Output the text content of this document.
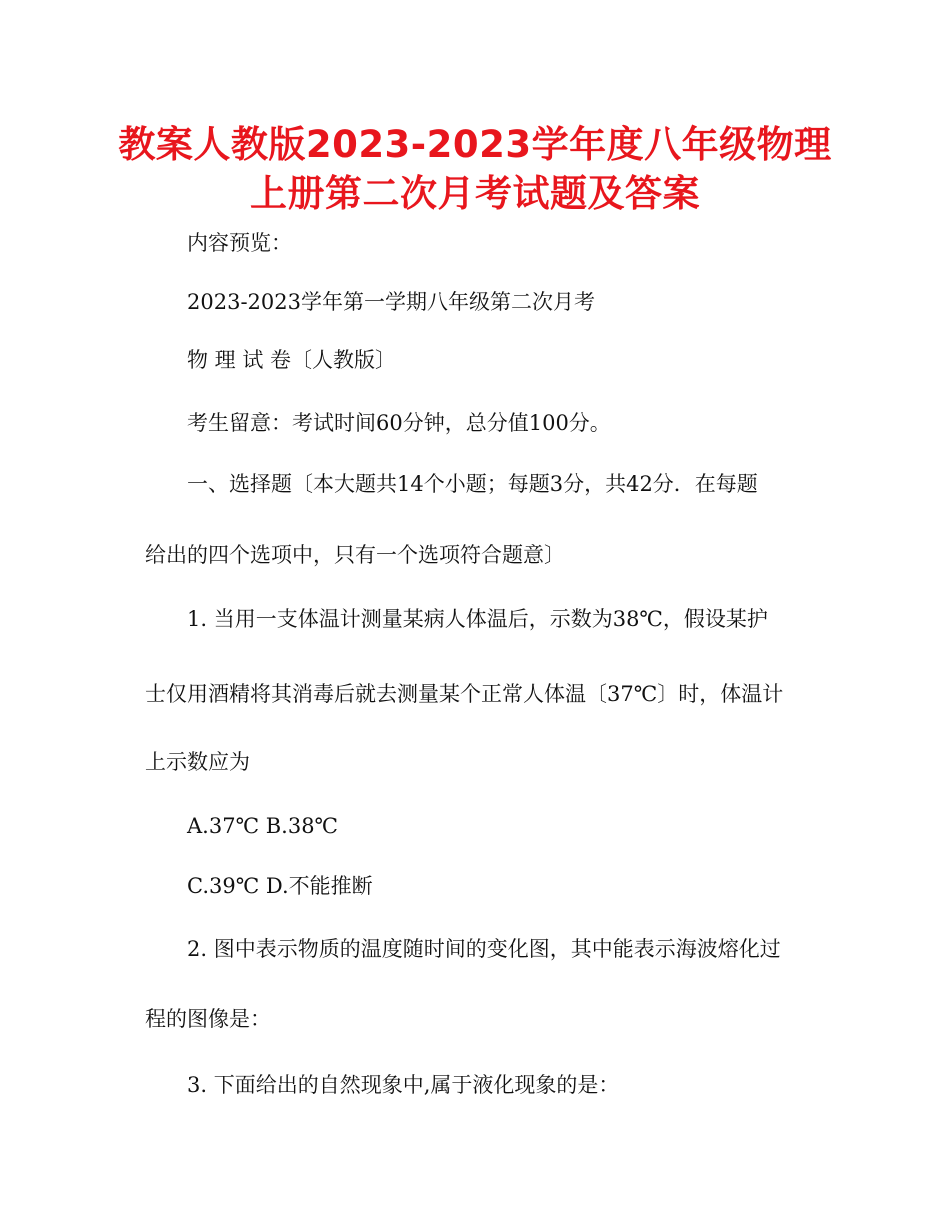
教案人教版2023-2023学年度八年级物理
上册第二次月考试题及答案

内容预览：

2023-2023学年第一学期八年级第二次月考

物 理 试 卷〔人教版〕

考生留意：考试时间60分钟，总分值100分。

一、选择题〔本大题共14个小题；每题3分，共42分．在每题

给出的四个选项中，只有一个选项符合题意〕

1. 当用一支体温计测量某病人体温后，示数为38℃，假设某护

士仅用酒精将其消毒后就去测量某个正常人体温〔37℃〕时，体温计

上示数应为

A.37℃ B.38℃

C.39℃ D.不能推断

2. 图中表示物质的温度随时间的变化图，其中能表示海波熔化过

程的图像是：

3. 下面给出的自然现象中,属于液化现象的是：
